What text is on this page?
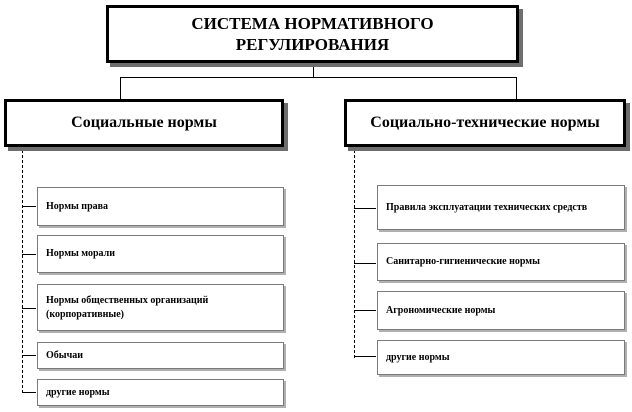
СИСТЕМА НОРМАТИВНОГО РЕГУЛИРОВАНИЯ
Социальные нормы	Социально-технические нормы
Нормы права
Нормы морали
Нормы общественных организаций (корпоративные)
Обычаи
другие нормы
Правила эксплуатации технических средств
Санитарно-гигиенические нормы
Агрономические нормы
другие нормы
